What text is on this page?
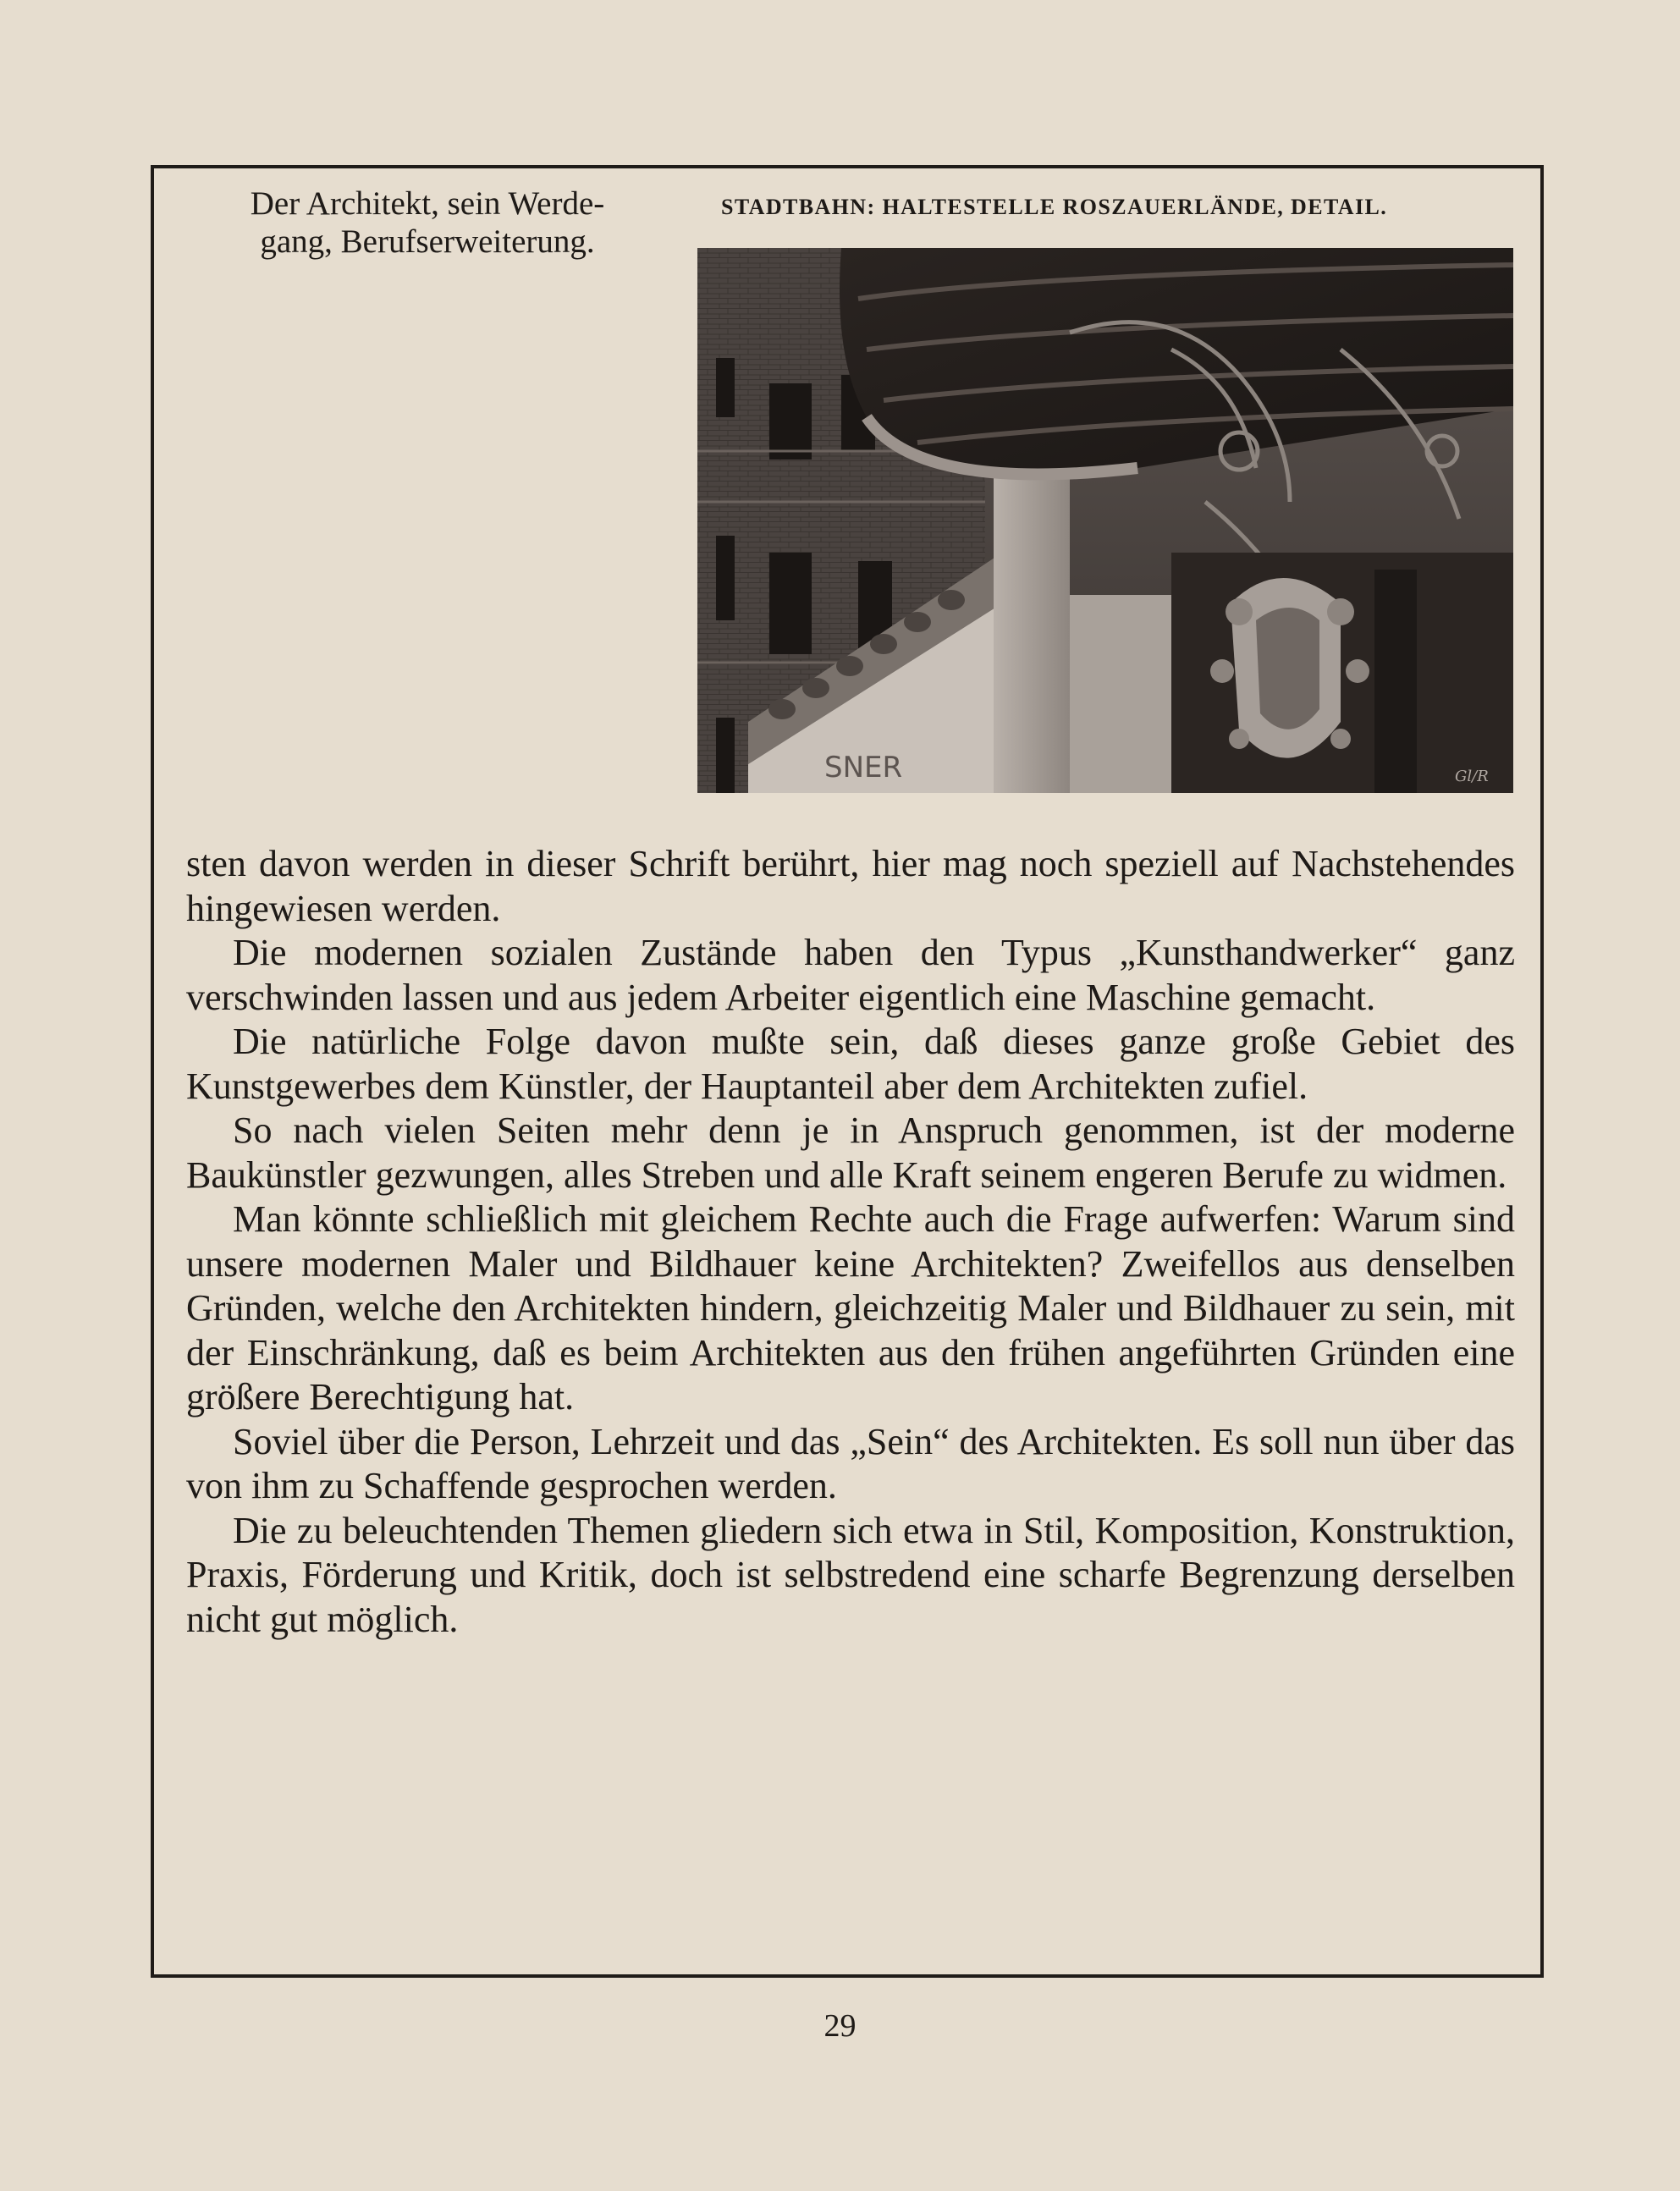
Der Architekt, sein Werde-
gang, Berufserweiterung.
STADTBAHN: HALTESTELLE ROSZAUERLÄNDE, DETAIL.
SNER	Gl/R

sten davon werden in dieser Schrift berührt, hier mag noch speziell auf Nachstehendes hingewiesen werden.

Die modernen sozialen Zustände haben den Typus „Kunsthandwerker“ ganz verschwinden lassen und aus jedem Arbeiter eigentlich eine Maschine gemacht.

Die natürliche Folge davon mußte sein, daß dieses ganze große Gebiet des Kunstgewerbes dem Künstler, der Hauptanteil aber dem Architekten zufiel.

So nach vielen Seiten mehr denn je in Anspruch genommen, ist der moderne Baukünstler gezwungen, alles Streben und alle Kraft seinem engeren Berufe zu widmen.

Man könnte schließlich mit gleichem Rechte auch die Frage aufwerfen: Warum sind unsere modernen Maler und Bildhauer keine Architekten? Zweifellos aus denselben Gründen, welche den Architekten hindern, gleichzeitig Maler und Bildhauer zu sein, mit der Einschränkung, daß es beim Architekten aus den frühen angeführten Gründen eine größere Berechtigung hat.

Soviel über die Person, Lehrzeit und das „Sein“ des Architekten. Es soll nun über das von ihm zu Schaffende gesprochen werden.

Die zu beleuchtenden Themen gliedern sich etwa in Stil, Komposition, Konstruktion, Praxis, Förderung und Kritik, doch ist selbstredend eine scharfe Begrenzung derselben nicht gut möglich.

29
